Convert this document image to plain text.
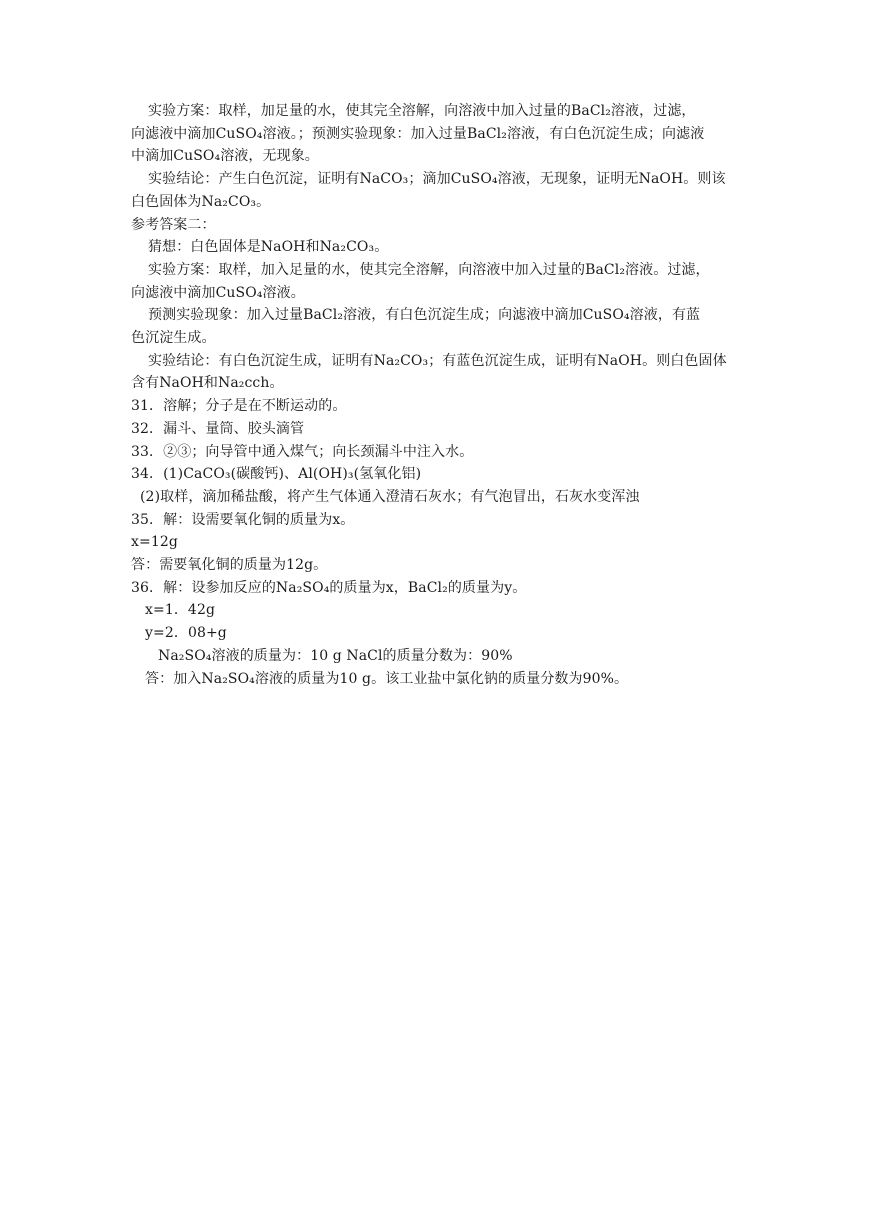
实验方案：取样，加足量的水，使其完全溶解，向溶液中加入过量的BaCl₂溶液，过滤，

向滤液中滴加CuSO₄溶液。；预测实验现象：加入过量BaCl₂溶液，有白色沉淀生成；向滤液

中滴加CuSO₄溶液，无现象。

实验结论：产生白色沉淀，证明有NaCO₃；滴加CuSO₄溶液，无现象，证明无NaOH。则该

白色固体为Na₂CO₃。

参考答案二：

猜想：白色固体是NaOH和Na₂CO₃。

实验方案：取样，加入足量的水，使其完全溶解，向溶液中加入过量的BaCl₂溶液。过滤，

向滤液中滴加CuSO₄溶液。

预测实验现象：加入过量BaCl₂溶液，有白色沉淀生成；向滤液中滴加CuSO₄溶液，有蓝

色沉淀生成。

实验结论：有白色沉淀生成，证明有Na₂CO₃；有蓝色沉淀生成，证明有NaOH。则白色固体

含有NaOH和Na₂cch。

31．溶解；分子是在不断运动的。

32．漏斗、量筒、胶头滴管

33．②③；向导管中通入煤气；向长颈漏斗中注入水。

34．(1)CaCO₃(碳酸钙)、Al(OH)₃(氢氧化铝)

(2)取样，滴加稀盐酸，将产生气体通入澄清石灰水；有气泡冒出，石灰水变浑浊

35．解：设需要氧化铜的质量为x。

x=12g

答：需要氧化铜的质量为12g。

36．解：设参加反应的Na₂SO₄的质量为x，BaCl₂的质量为y。

x=1．42g

y=2．08+g

Na₂SO₄溶液的质量为：10 g NaCl的质量分数为：90%

答：加入Na₂SO₄溶液的质量为10 g。该工业盐中氯化钠的质量分数为90%。
